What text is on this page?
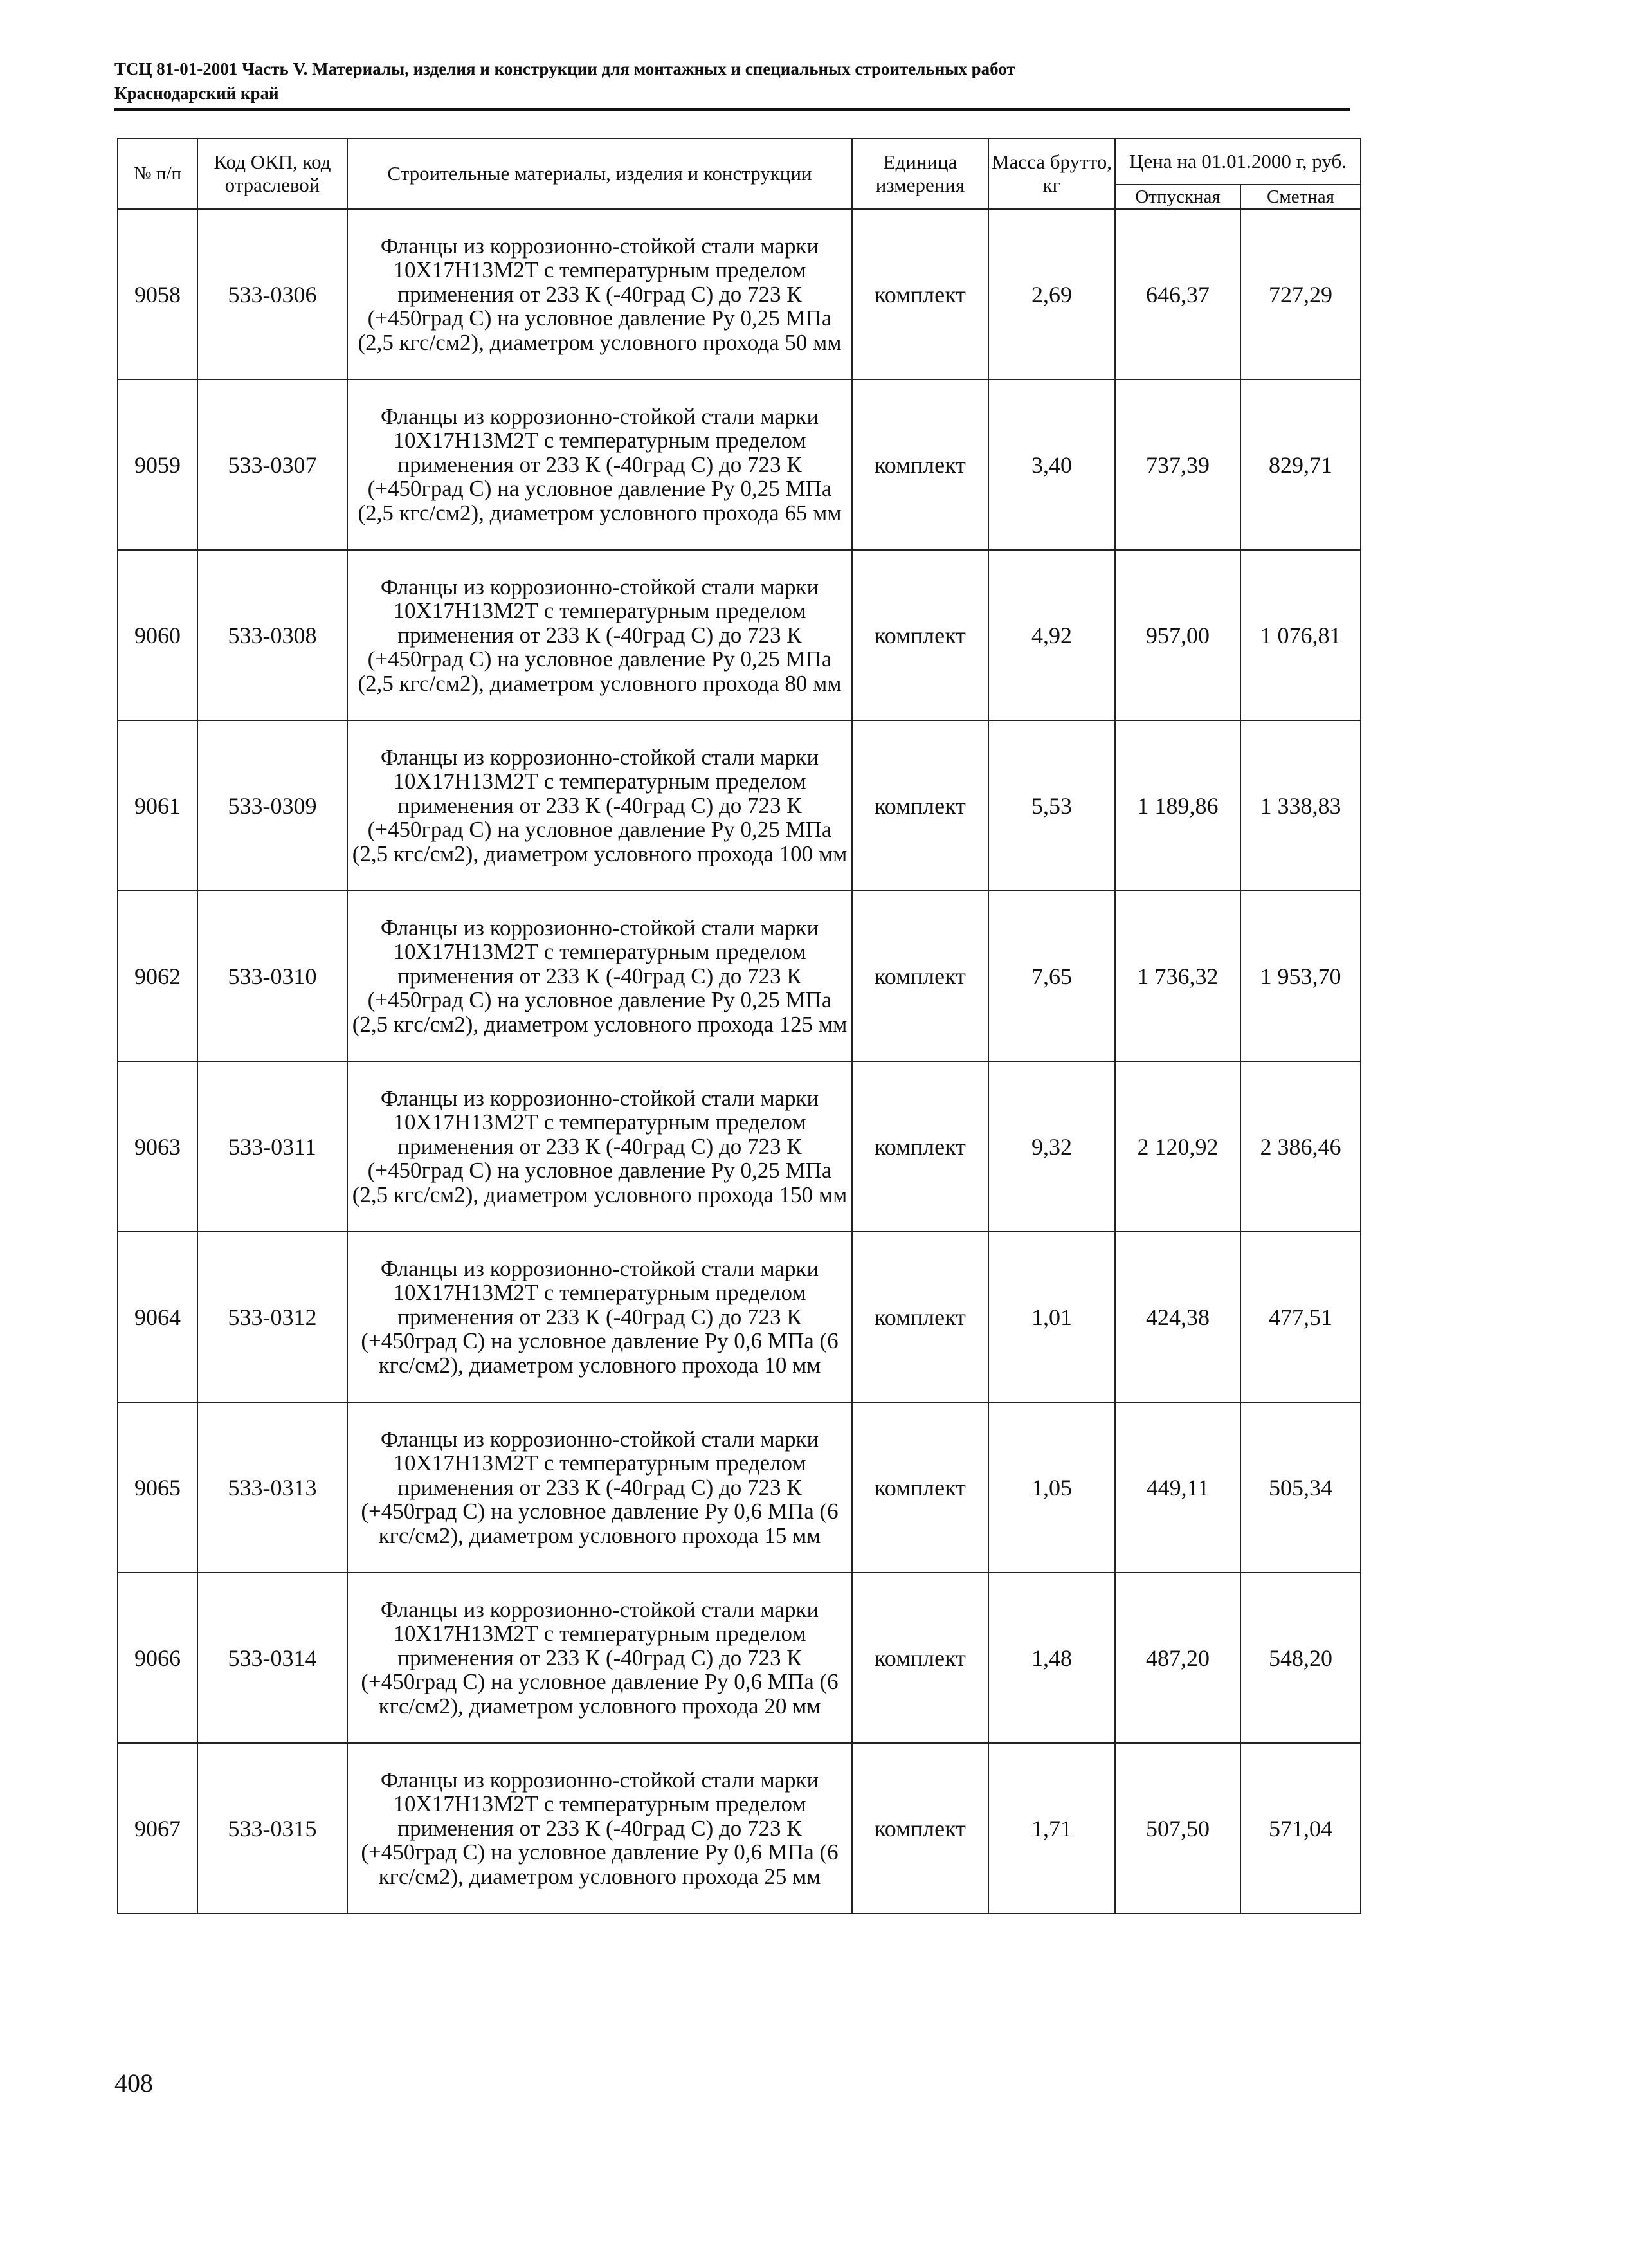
ТСЦ 81-01-2001 Часть V. Материалы, изделия и конструкции для монтажных и специальных строительных работ
Краснодарский край
№ п/п	Код ОКП, код отраслевой	Строительные материалы, изделия и конструкции	Единица измерения	Масса брутто, кг	Цена на 01.01.2000 г, руб.	
					Отпускная	Сметная
9058	533-0306	Фланцы из коррозионно-стойкой стали марки 10Х17Н13М2Т с температурным пределом применения от 233 К (-40град С) до 723 К (+450град С) на условное давление Ру 0,25 МПа (2,5 кгс/см2), диаметром условного прохода 50 мм	комплект	2,69	646,37	727,29
9059	533-0307	Фланцы из коррозионно-стойкой стали марки 10Х17Н13М2Т с температурным пределом применения от 233 К (-40град С) до 723 К (+450град С) на условное давление Ру 0,25 МПа (2,5 кгс/см2), диаметром условного прохода 65 мм	комплект	3,40	737,39	829,71
9060	533-0308	Фланцы из коррозионно-стойкой стали марки 10Х17Н13М2Т с температурным пределом применения от 233 К (-40град С) до 723 К (+450град С) на условное давление Ру 0,25 МПа (2,5 кгс/см2), диаметром условного прохода 80 мм	комплект	4,92	957,00	1 076,81
9061	533-0309	Фланцы из коррозионно-стойкой стали марки 10Х17Н13М2Т с температурным пределом применения от 233 К (-40град С) до 723 К (+450град С) на условное давление Ру 0,25 МПа (2,5 кгс/см2), диаметром условного прохода 100 мм	комплект	5,53	1 189,86	1 338,83
9062	533-0310	Фланцы из коррозионно-стойкой стали марки 10Х17Н13М2Т с температурным пределом применения от 233 К (-40град С) до 723 К (+450град С) на условное давление Ру 0,25 МПа (2,5 кгс/см2), диаметром условного прохода 125 мм	комплект	7,65	1 736,32	1 953,70
9063	533-0311	Фланцы из коррозионно-стойкой стали марки 10Х17Н13М2Т с температурным пределом применения от 233 К (-40град С) до 723 К (+450град С) на условное давление Ру 0,25 МПа (2,5 кгс/см2), диаметром условного прохода 150 мм	комплект	9,32	2 120,92	2 386,46
9064	533-0312	Фланцы из коррозионно-стойкой стали марки 10Х17Н13М2Т с температурным пределом применения от 233 К (-40град С) до 723 К (+450град С) на условное давление Ру 0,6 МПа (6 кгс/см2), диаметром условного прохода 10 мм	комплект	1,01	424,38	477,51
9065	533-0313	Фланцы из коррозионно-стойкой стали марки 10Х17Н13М2Т с температурным пределом применения от 233 К (-40град С) до 723 К (+450град С) на условное давление Ру 0,6 МПа (6 кгс/см2), диаметром условного прохода 15 мм	комплект	1,05	449,11	505,34
9066	533-0314	Фланцы из коррозионно-стойкой стали марки 10Х17Н13М2Т с температурным пределом применения от 233 К (-40град С) до 723 К (+450град С) на условное давление Ру 0,6 МПа (6 кгс/см2), диаметром условного прохода 20 мм	комплект	1,48	487,20	548,20
9067	533-0315	Фланцы из коррозионно-стойкой стали марки 10Х17Н13М2Т с температурным пределом применения от 233 К (-40град С) до 723 К (+450град С) на условное давление Ру 0,6 МПа (6 кгс/см2), диаметром условного прохода 25 мм	комплект	1,71	507,50	571,04
408
